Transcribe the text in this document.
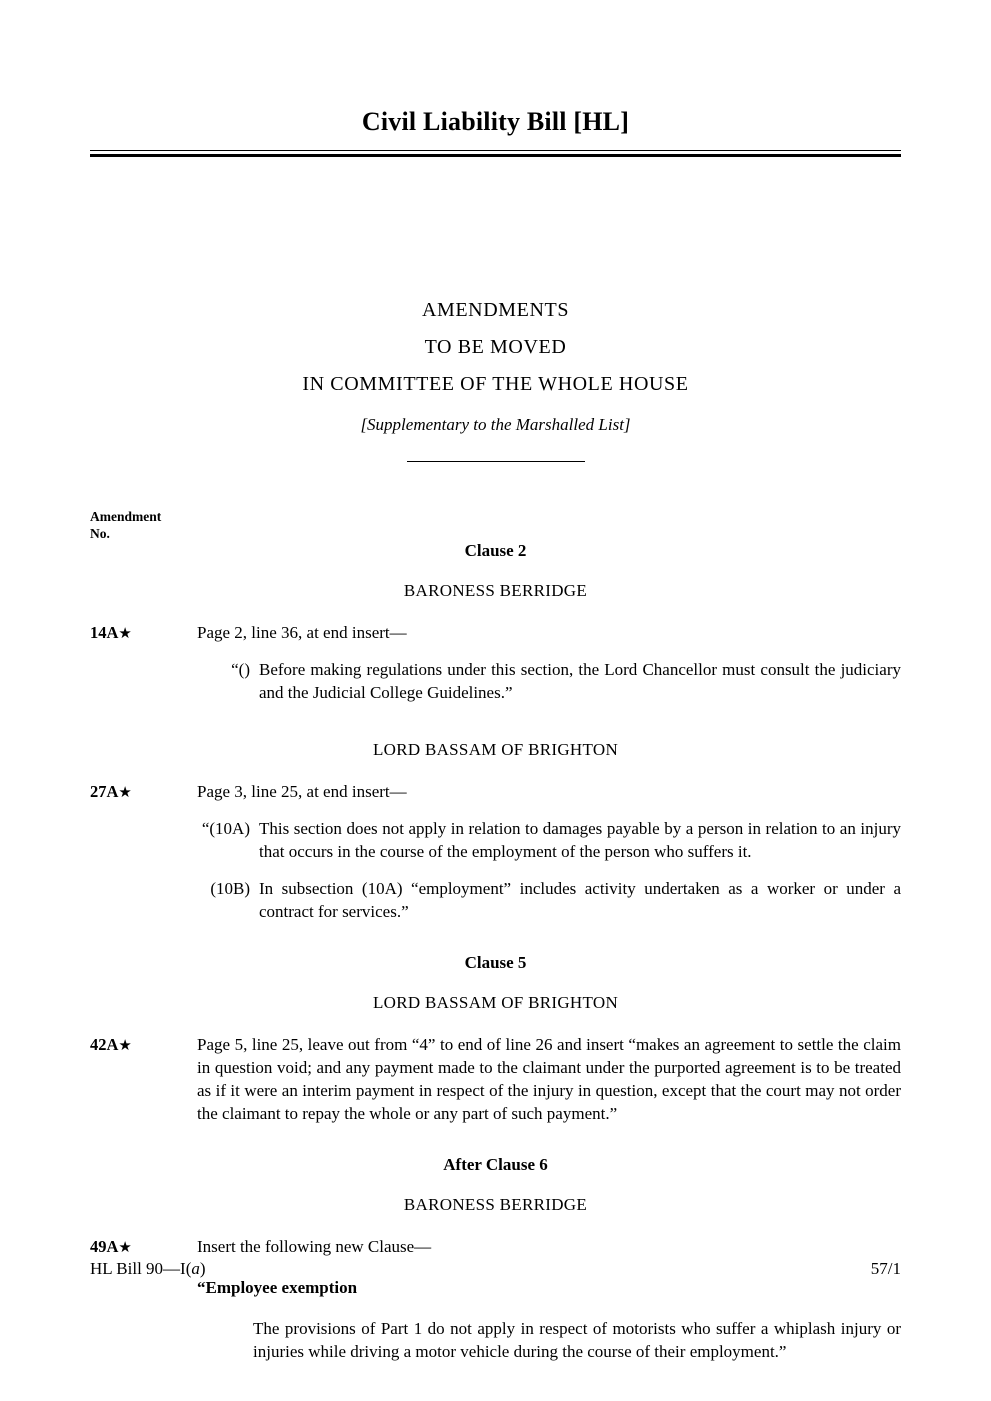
Civil Liability Bill [HL]
AMENDMENTS
TO BE MOVED
IN COMMITTEE OF THE WHOLE HOUSE
[Supplementary to the Marshalled List]
Amendment
No.
Clause 2
BARONESS BERRIDGE
14A★	Page 2, line 36, at end insert—
“() Before making regulations under this section, the Lord Chancellor must consult the judiciary and the Judicial College Guidelines.”
LORD BASSAM OF BRIGHTON
27A★	Page 3, line 25, at end insert—
“(10A) This section does not apply in relation to damages payable by a person in relation to an injury that occurs in the course of the employment of the person who suffers it.
(10B) In subsection (10A) “employment” includes activity undertaken as a worker or under a contract for services.”
Clause 5
LORD BASSAM OF BRIGHTON
42A★	Page 5, line 25, leave out from “4” to end of line 26 and insert “makes an agreement to settle the claim in question void; and any payment made to the claimant under the purported agreement is to be treated as if it were an interim payment in respect of the injury in question, except that the court may not order the claimant to repay the whole or any part of such payment.”
After Clause 6
BARONESS BERRIDGE
49A★	Insert the following new Clause—
“Employee exemption
The provisions of Part 1 do not apply in respect of motorists who suffer a whiplash injury or injuries while driving a motor vehicle during the course of their employment.”
HL Bill 90—I(a)	57/1
